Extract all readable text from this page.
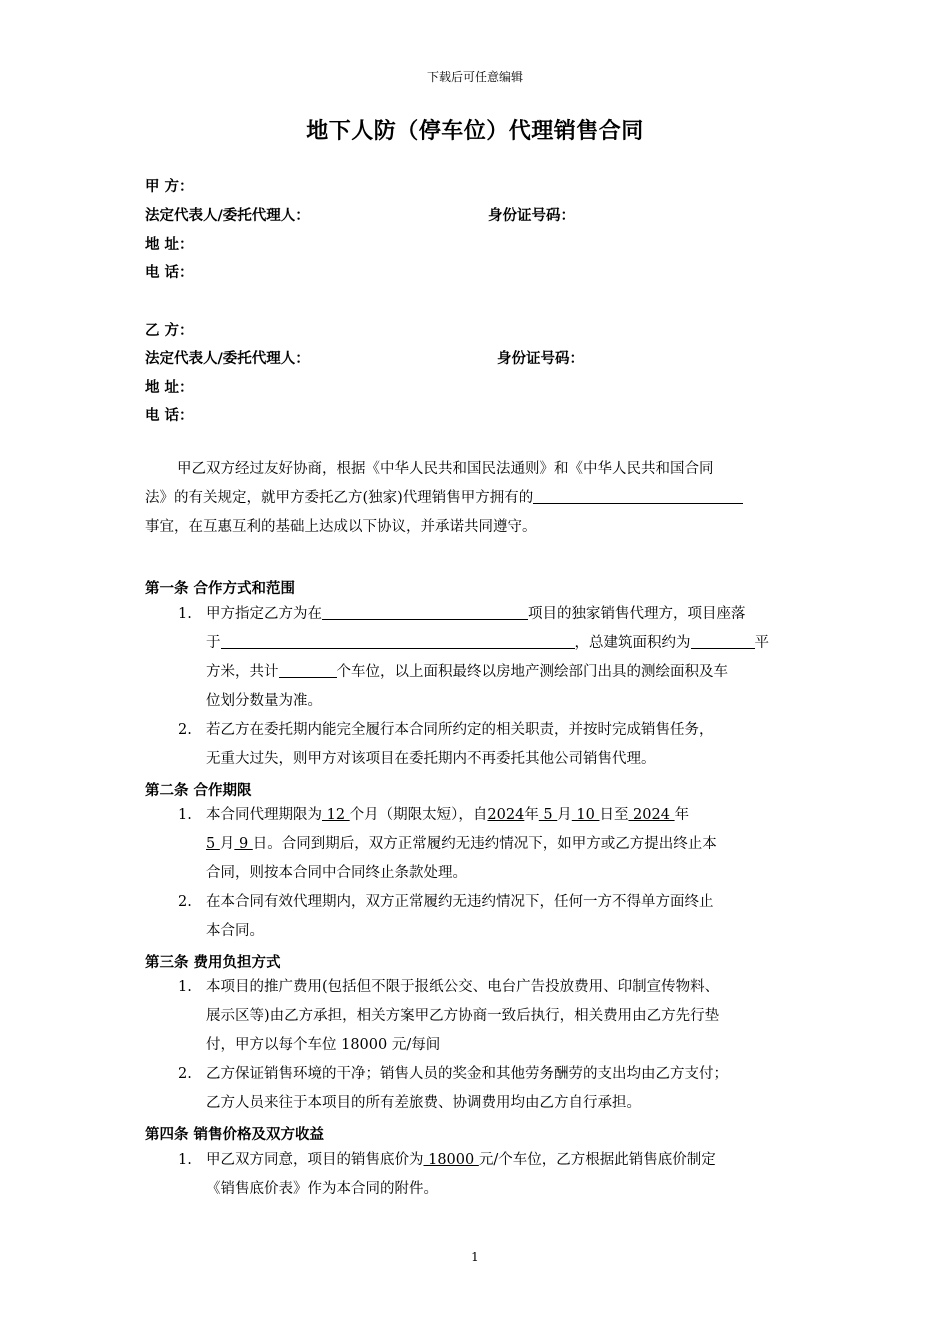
下载后可任意编辑
地下人防（停车位）代理销售合同
甲 方：
法定代表人/委托代理人：	身份证号码：
地 址：
电 话：
乙 方：
法定代表人/委托代理人：	身份证号码：
地 址：
电 话：
甲乙双方经过友好协商，根据《中华人民共和国民法通则》和《中华人民共和国合同
法》的有关规定，就甲方委托乙方(独家)代理销售甲方拥有的
事宜，在互惠互利的基础上达成以下协议，并承诺共同遵守。
第一条 合作方式和范围
1. 甲方指定乙方为在	项目的独家销售代理方，项目座落
于	，总建筑面积约为	平
方米，共计	个车位，以上面积最终以房地产测绘部门出具的测绘面积及车
位划分数量为准。
2. 若乙方在委托期内能完全履行本合同所约定的相关职责，并按时完成销售任务，
无重大过失，则甲方对该项目在委托期内不再委托其他公司销售代理。
第二条 合作期限
1. 本合同代理期限为 12 个月（期限太短），自2024年 5 月 10 日至 2024 年
5 月 9 日。合同到期后，双方正常履约无违约情况下，如甲方或乙方提出终止本
合同，则按本合同中合同终止条款处理。
2. 在本合同有效代理期内，双方正常履约无违约情况下，任何一方不得单方面终止
本合同。
第三条 费用负担方式
1. 本项目的推广费用(包括但不限于报纸公交、电台广告投放费用、印制宣传物料、
展示区等)由乙方承担，相关方案甲乙方协商一致后执行，相关费用由乙方先行垫
付，甲方以每个车位 18000 元/每间
2. 乙方保证销售环境的干净；销售人员的奖金和其他劳务酬劳的支出均由乙方支付；
乙方人员来往于本项目的所有差旅费、协调费用均由乙方自行承担。
第四条 销售价格及双方收益
1. 甲乙双方同意，项目的销售底价为 18000 元/个车位，乙方根据此销售底价制定
《销售底价表》作为本合同的附件。
1
